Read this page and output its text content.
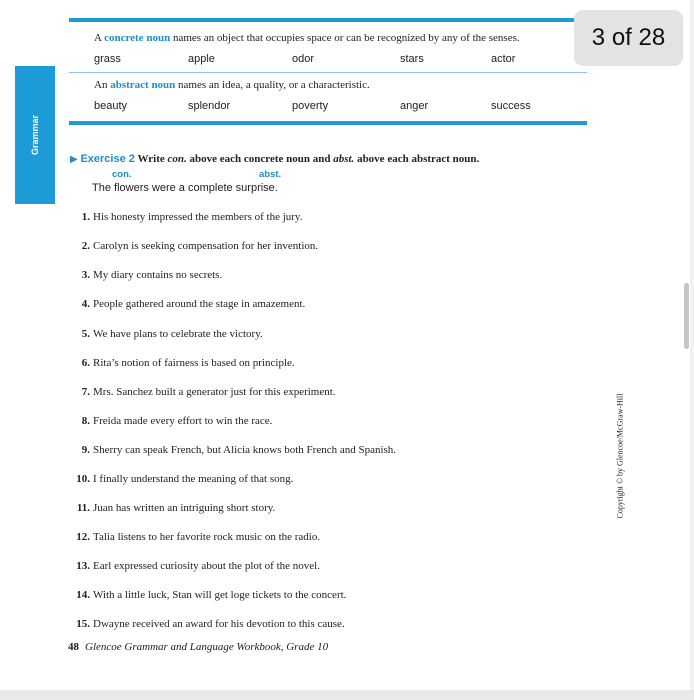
A concrete noun names an object that occupies space or can be recognized by any of the senses.
grass	apple	odor	stars	actor
An abstract noun names an idea, a quality, or a characteristic.
beauty	splendor	poverty	anger	success
Grammar
3 of 28
▶ Exercise 2 Write con. above each concrete noun and abst. above each abstract noun.
con.	abst.
The flowers were a complete surprise.
1. His honesty impressed the members of the jury.
2. Carolyn is seeking compensation for her invention.
3. My diary contains no secrets.
4. People gathered around the stage in amazement.
5. We have plans to celebrate the victory.
6. Rita’s notion of fairness is based on principle.
7. Mrs. Sanchez built a generator just for this experiment.
8. Freida made every effort to win the race.
9. Sherry can speak French, but Alicia knows both French and Spanish.
10. I finally understand the meaning of that song.
11. Juan has written an intriguing short story.
12. Talia listens to her favorite rock music on the radio.
13. Earl expressed curiosity about the plot of the novel.
14. With a little luck, Stan will get loge tickets to the concert.
15. Dwayne received an award for his devotion to this cause.
48 Glencoe Grammar and Language Workbook, Grade 10
Copyright © by Glencoe/McGraw-Hill
